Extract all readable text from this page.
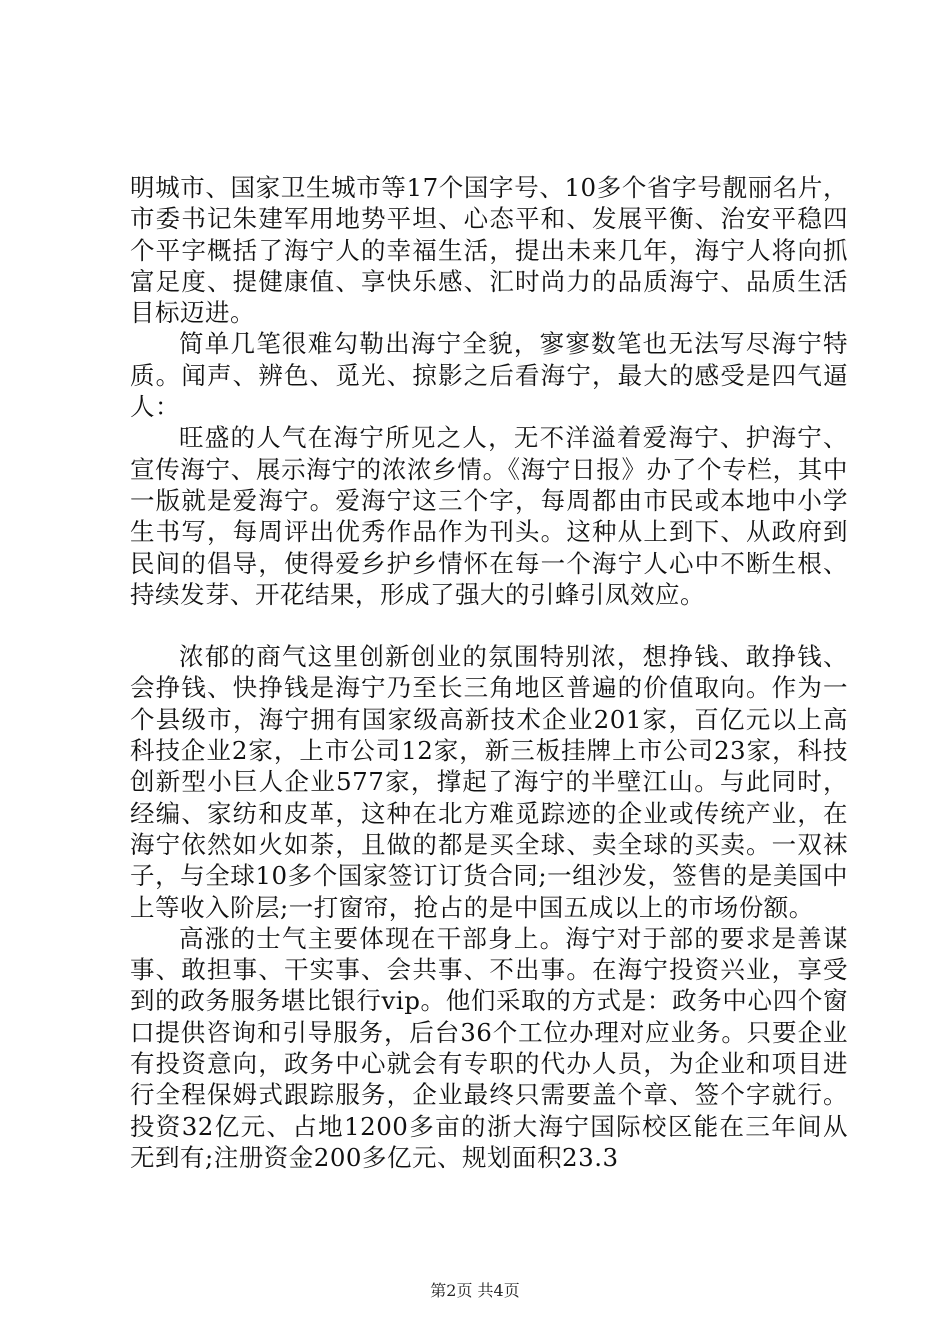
明城市、国家卫生城市等17个国字号、10多个省字号靓丽名片，市委书记朱建军用地势平坦、心态平和、发展平衡、治安平稳四个平字概括了海宁人的幸福生活，提出未来几年，海宁人将向抓富足度、提健康值、享快乐感、汇时尚力的品质海宁、品质生活目标迈进。

简单几笔很难勾勒出海宁全貌，寥寥数笔也无法写尽海宁特质。闻声、辨色、觅光、掠影之后看海宁，最大的感受是四气逼人：

旺盛的人气在海宁所见之人，无不洋溢着爱海宁、护海宁、宣传海宁、展示海宁的浓浓乡情。《海宁日报》办了个专栏，其中一版就是爱海宁。爱海宁这三个字，每周都由市民或本地中小学生书写，每周评出优秀作品作为刊头。这种从上到下、从政府到民间的倡导，使得爱乡护乡情怀在每一个海宁人心中不断生根、持续发芽、开花结果，形成了强大的引蜂引凤效应。

浓郁的商气这里创新创业的氛围特别浓，想挣钱、敢挣钱、会挣钱、快挣钱是海宁乃至长三角地区普遍的价值取向。作为一个县级市，海宁拥有国家级高新技术企业201家，百亿元以上高科技企业2家，上市公司12家，新三板挂牌上市公司23家，科技创新型小巨人企业577家，撑起了海宁的半壁江山。与此同时，经编、家纺和皮革，这种在北方难觅踪迹的企业或传统产业，在海宁依然如火如荼，且做的都是买全球、卖全球的买卖。一双袜子，与全球10多个国家签订订货合同;一组沙发，签售的是美国中上等收入阶层;一打窗帘，抢占的是中国五成以上的市场份额。

高涨的士气主要体现在干部身上。海宁对于部的要求是善谋事、敢担事、干实事、会共事、不出事。在海宁投资兴业，享受到的政务服务堪比银行vip。他们采取的方式是：政务中心四个窗口提供咨询和引导服务，后台36个工位办理对应业务。只要企业有投资意向，政务中心就会有专职的代办人员，为企业和项目进行全程保姆式跟踪服务，企业最终只需要盖个章、签个字就行。投资32亿元、占地1200多亩的浙大海宁国际校区能在三年间从无到有;注册资金200多亿元、规划面积23.3

第2页 共4页
